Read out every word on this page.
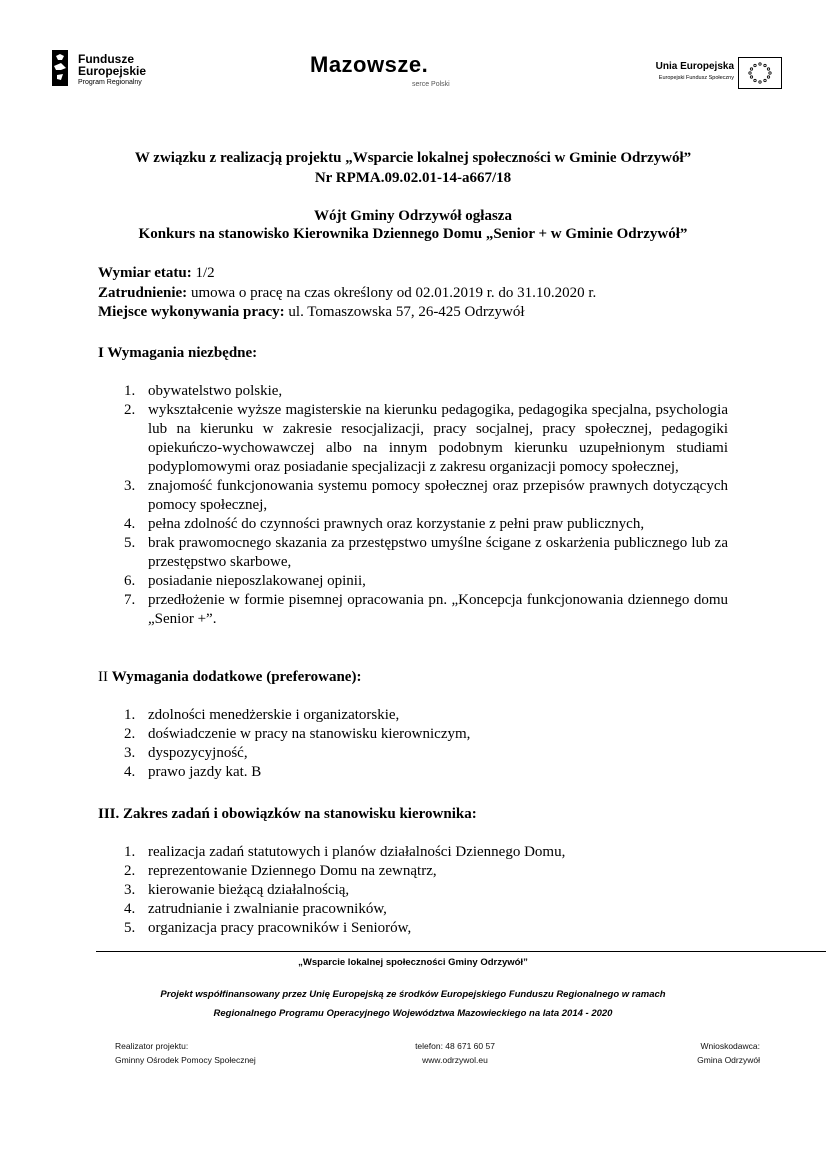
Fundusze
Europejskie
Program Regionalny
Mazowsze.
serce Polski
Unia Europejska
Europejski Fundusz Społeczny
W związku z realizacją projektu „Wsparcie lokalnej społeczności w Gminie Odrzywół”
Nr RPMA.09.02.01-14-a667/18
Wójt Gminy Odrzywół ogłasza
Konkurs na stanowisko Kierownika Dziennego Domu „Senior + w Gminie Odrzywół”
Wymiar etatu: 1/2
Zatrudnienie: umowa o pracę na czas określony od 02.01.2019 r. do 31.10.2020 r.
Miejsce wykonywania pracy: ul. Tomaszowska 57, 26-425 Odrzywół
I Wymagania niezbędne:
1. obywatelstwo polskie,
2. wykształcenie wyższe magisterskie na kierunku pedagogika, pedagogika specjalna, psychologia lub na kierunku w zakresie resocjalizacji, pracy socjalnej, pracy społecznej, pedagogiki opiekuńczo-wychowawczej albo na innym podobnym kierunku uzupełnionym studiami podyplomowymi oraz posiadanie specjalizacji z zakresu organizacji pomocy społecznej,
3. znajomość funkcjonowania systemu pomocy społecznej oraz przepisów prawnych dotyczących pomocy społecznej,
4. pełna zdolność do czynności prawnych oraz korzystanie z pełni praw publicznych,
5. brak prawomocnego skazania za przestępstwo umyślne ścigane z oskarżenia publicznego lub za przestępstwo skarbowe,
6. posiadanie nieposzlakowanej opinii,
7. przedłożenie w formie pisemnej opracowania pn. „Koncepcja funkcjonowania dziennego domu „Senior +”.
II Wymagania dodatkowe (preferowane):
1. zdolności menedżerskie i organizatorskie,
2. doświadczenie w pracy na stanowisku kierowniczym,
3. dyspozycyjność,
4. prawo jazdy kat. B
III. Zakres zadań i obowiązków na stanowisku kierownika:
1. realizacja zadań statutowych i planów działalności Dziennego Domu,
2. reprezentowanie Dziennego Domu na zewnątrz,
3. kierowanie bieżącą działalnością,
4. zatrudnianie i zwalnianie pracowników,
5. organizacja pracy pracowników i Seniorów,
„Wsparcie lokalnej społeczności Gminy Odrzywół”
Projekt współfinansowany przez Unię Europejską ze środków Europejskiego Funduszu Regionalnego w ramach
Regionalnego Programu Operacyjnego Województwa Mazowieckiego na lata 2014 - 2020
Realizator projektu:
Gminny Ośrodek Pomocy Społecznej
telefon: 48 671 60 57
www.odrzywol.eu
Wnioskodawca:
Gmina Odrzywół
